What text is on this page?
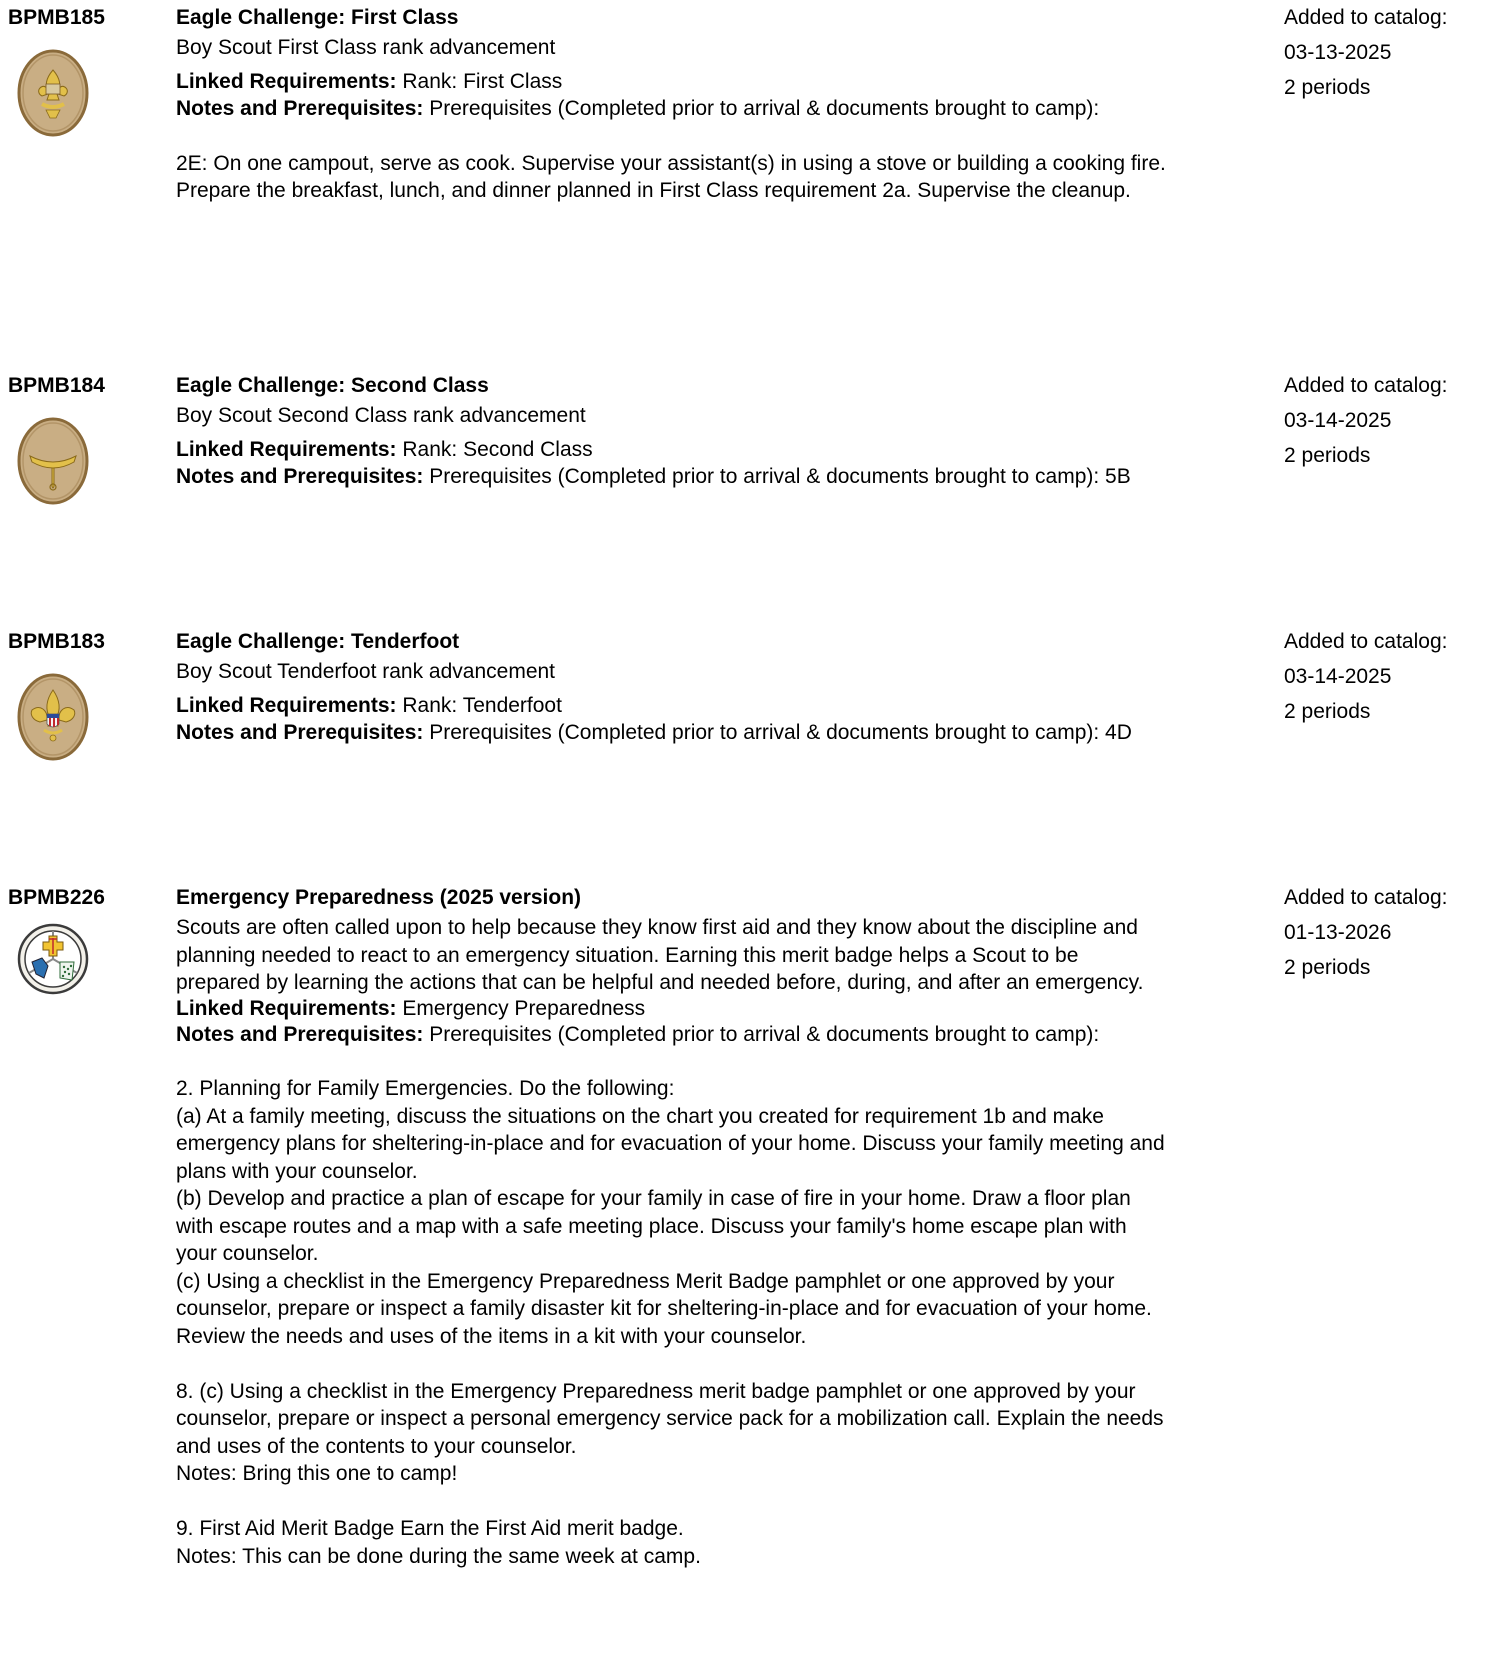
BPMB185	Eagle Challenge: First Class
Boy Scout First Class rank advancement
Linked Requirements: Rank: First Class
Notes and Prerequisites: Prerequisites (Completed prior to arrival & documents brought to camp):

2E: On one campout, serve as cook. Supervise your assistant(s) in using a stove or building a cooking fire. Prepare the breakfast, lunch, and dinner planned in First Class requirement 2a. Supervise the cleanup.
Added to catalog:
03-13-2025
2 periods
BPMB184	Eagle Challenge: Second Class
Boy Scout Second Class rank advancement
Linked Requirements: Rank: Second Class
Notes and Prerequisites: Prerequisites (Completed prior to arrival & documents brought to camp): 5B
Added to catalog:
03-14-2025
2 periods
BPMB183	Eagle Challenge: Tenderfoot
Boy Scout Tenderfoot rank advancement
Linked Requirements: Rank: Tenderfoot
Notes and Prerequisites: Prerequisites (Completed prior to arrival & documents brought to camp): 4D
Added to catalog:
03-14-2025
2 periods
BPMB226	Emergency Preparedness (2025 version)
Scouts are often called upon to help because they know first aid and they know about the discipline and planning needed to react to an emergency situation. Earning this merit badge helps a Scout to be prepared by learning the actions that can be helpful and needed before, during, and after an emergency.
Linked Requirements: Emergency Preparedness
Notes and Prerequisites: Prerequisites (Completed prior to arrival & documents brought to camp):

2. Planning for Family Emergencies. Do the following:
(a) At a family meeting, discuss the situations on the chart you created for requirement 1b and make emergency plans for sheltering-in-place and for evacuation of your home. Discuss your family meeting and plans with your counselor.
(b) Develop and practice a plan of escape for your family in case of fire in your home. Draw a floor plan with escape routes and a map with a safe meeting place. Discuss your family's home escape plan with your counselor.
(c) Using a checklist in the Emergency Preparedness Merit Badge pamphlet or one approved by your counselor, prepare or inspect a family disaster kit for sheltering-in-place and for evacuation of your home. Review the needs and uses of the items in a kit with your counselor.

8. (c) Using a checklist in the Emergency Preparedness merit badge pamphlet or one approved by your counselor, prepare or inspect a personal emergency service pack for a mobilization call. Explain the needs and uses of the contents to your counselor.
Notes: Bring this one to camp!

9. First Aid Merit Badge Earn the First Aid merit badge.
Notes: This can be done during the same week at camp.
Added to catalog:
01-13-2026
2 periods
